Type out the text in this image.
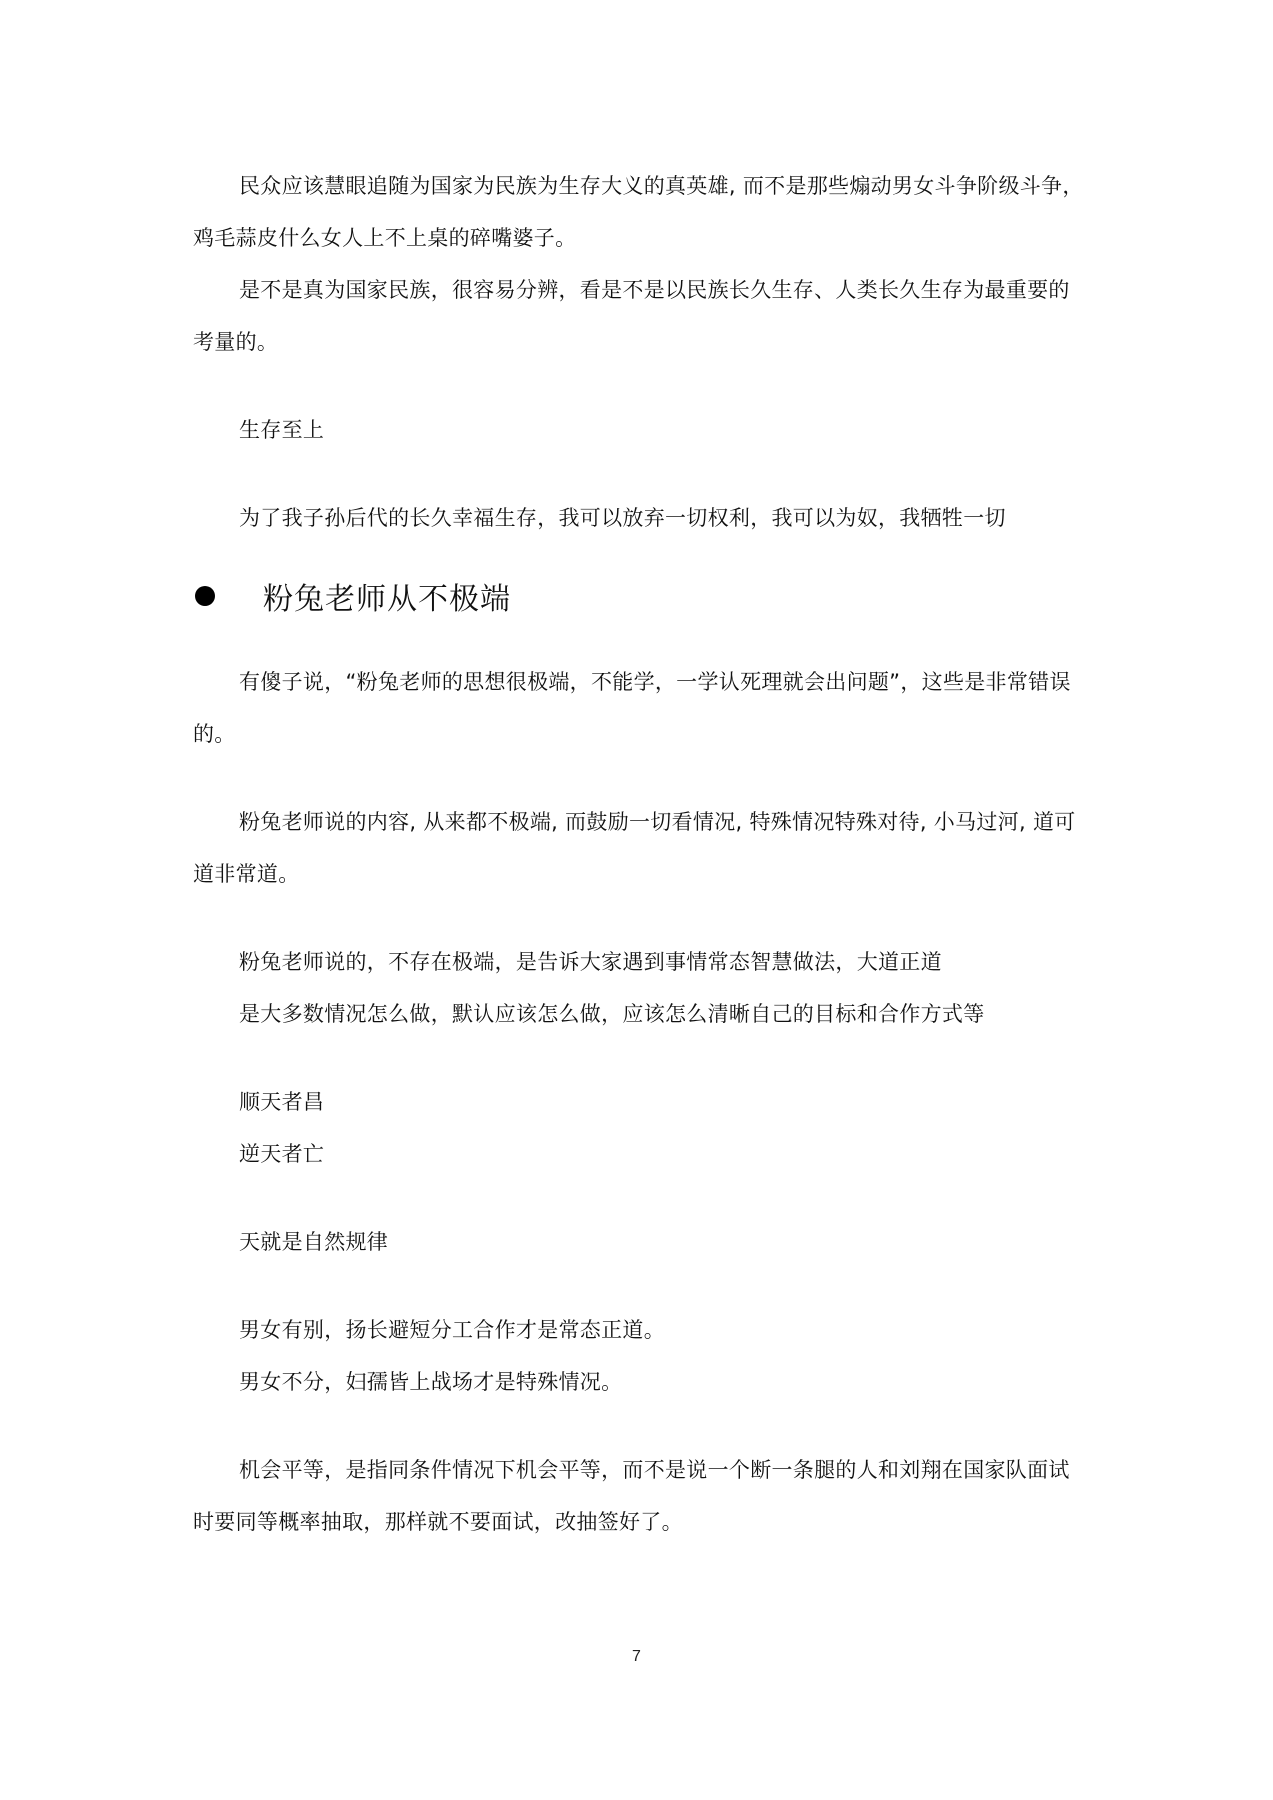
民众应该慧眼追随为国家为民族为生存大义的真英雄, 而不是那些煽动男女斗争阶级斗争，鸡毛蒜皮什么女人上不上桌的碎嘴婆子。

是不是真为国家民族，很容易分辨，看是不是以民族长久生存、人类长久生存为最重要的考量的。

生存至上

为了我子孙后代的长久幸福生存，我可以放弃一切权利，我可以为奴，我牺牲一切

粉兔老师从不极端

有傻子说，“粉兔老师的思想很极端，不能学，一学认死理就会出问题”，这些是非常错误的。

粉兔老师说的内容, 从来都不极端, 而鼓励一切看情况, 特殊情况特殊对待, 小马过河, 道可道非常道。

粉兔老师说的，不存在极端，是告诉大家遇到事情常态智慧做法，大道正道

是大多数情况怎么做，默认应该怎么做，应该怎么清晰自己的目标和合作方式等

顺天者昌

逆天者亡

天就是自然规律

男女有别，扬长避短分工合作才是常态正道。

男女不分，妇孺皆上战场才是特殊情况。

机会平等，是指同条件情况下机会平等，而不是说一个断一条腿的人和刘翔在国家队面试时要同等概率抽取，那样就不要面试，改抽签好了。

7
